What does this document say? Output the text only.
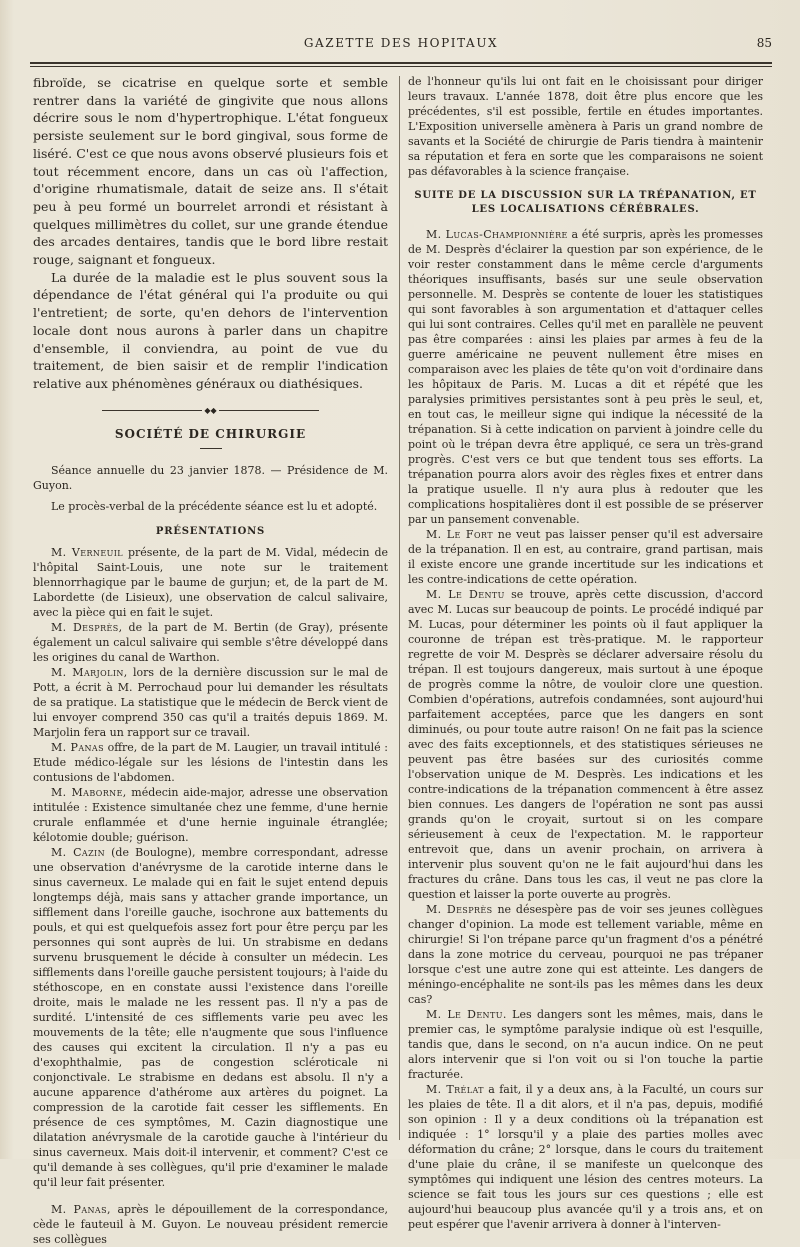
GAZETTE DES HOPITAUX	85

fibroïde, se cicatrise en quelque sorte et semble rentrer dans la variété de gingivite que nous allons décrire sous le nom d'hypertrophique. L'état fongueux persiste seulement sur le bord gingival, sous forme de liséré. C'est ce que nous avons observé plusieurs fois et tout récemment encore, dans un cas où l'affection, d'origine rhumatismale, datait de seize ans. Il s'était peu à peu formé un bourrelet arrondi et résistant à quelques millimètres du collet, sur une grande étendue des arcades dentaires, tandis que le bord libre restait rouge, saignant et fongueux.

La durée de la maladie est le plus souvent sous la dépendance de l'état général qui l'a produite ou qui l'entretient; de sorte, qu'en dehors de l'intervention locale dont nous aurons à parler dans un chapitre d'ensemble, il conviendra, au point de vue du traitement, de bien saisir et de remplir l'indication relative aux phénomènes généraux ou diathésiques.

◆◆
SOCIÉTÉ DE CHIRURGIE

Séance annuelle du 23 janvier 1878. — Présidence de M. Guyon.

Le procès-verbal de la précédente séance est lu et adopté.

PRÉSENTATIONS

M. Verneuil présente, de la part de M. Vidal, médecin de l'hôpital Saint-Louis, une note sur le traitement blennorrhagique par le baume de gurjun; et, de la part de M. Labordette (de Lisieux), une observation de calcul salivaire, avec la pièce qui en fait le sujet.

M. Desprès, de la part de M. Bertin (de Gray), présente également un calcul salivaire qui semble s'être développé dans les origines du canal de Warthon.

M. Marjolin, lors de la dernière discussion sur le mal de Pott, a écrit à M. Perrochaud pour lui demander les résultats de sa pratique. La statistique que le médecin de Berck vient de lui envoyer comprend 350 cas qu'il a traités depuis 1869. M. Marjolin fera un rapport sur ce travail.

M. Panas offre, de la part de M. Laugier, un travail intitulé : Etude médico-légale sur les lésions de l'intestin dans les contusions de l'abdomen.

M. Maborne, médecin aide-major, adresse une observation intitulée : Existence simultanée chez une femme, d'une hernie crurale enflammée et d'une hernie inguinale étranglée; kélotomie double; guérison.

M. Cazin (de Boulogne), membre correspondant, adresse une observation d'anévrysme de la carotide interne dans le sinus caverneux. Le malade qui en fait le sujet entend depuis longtemps déjà, mais sans y attacher grande importance, un sifflement dans l'oreille gauche, isochrone aux battements du pouls, et qui est quelquefois assez fort pour être perçu par les personnes qui sont auprès de lui. Un strabisme en dedans survenu brusquement le décide à consulter un médecin. Les sifflements dans l'oreille gauche persistent toujours; à l'aide du stéthoscope, en en constate aussi l'existence dans l'oreille droite, mais le malade ne les ressent pas. Il n'y a pas de surdité. L'intensité de ces sifflements varie peu avec les mouvements de la tête; elle n'augmente que sous l'influence des causes qui excitent la circulation. Il n'y a pas eu d'exophthalmie, pas de congestion scléroticale ni conjonctivale. Le strabisme en dedans est absolu. Il n'y a aucune apparence d'athérome aux artères du poignet. La compression de la carotide fait cesser les sifflements. En présence de ces symptômes, M. Cazin diagnostique une dilatation anévrysmale de la carotide gauche à l'intérieur du sinus caverneux. Mais doit-il intervenir, et comment? C'est ce qu'il demande à ses collègues, qu'il prie d'examiner le malade qu'il leur fait présenter.

M. Panas, après le dépouillement de la correspondance, cède le fauteuil à M. Guyon. Le nouveau président remercie ses collègues

de l'honneur qu'ils lui ont fait en le choisissant pour diriger leurs travaux. L'année 1878, doit être plus encore que les précédentes, s'il est possible, fertile en études importantes. L'Exposition universelle amènera à Paris un grand nombre de savants et la Société de chirurgie de Paris tiendra à maintenir sa réputation et fera en sorte que les comparaisons ne soient pas défavorables à la science française.

SUITE DE LA DISCUSSION SUR LA TRÉPANATION, ET LES LOCALISATIONS CÉRÉBRALES.

M. Lucas-Championnière a été surpris, après les promesses de M. Desprès d'éclairer la question par son expérience, de le voir rester constamment dans le même cercle d'arguments théoriques insuffisants, basés sur une seule observation personnelle. M. Desprès se contente de louer les statistiques qui sont favorables à son argumentation et d'attaquer celles qui lui sont contraires. Celles qu'il met en parallèle ne peuvent pas être comparées : ainsi les plaies par armes à feu de la guerre américaine ne peuvent nullement être mises en comparaison avec les plaies de tête qu'on voit d'ordinaire dans les hôpitaux de Paris. M. Lucas a dit et répété que les paralysies primitives persistantes sont à peu près le seul, et, en tout cas, le meilleur signe qui indique la nécessité de la trépanation. Si à cette indication on parvient à joindre celle du point où le trépan devra être appliqué, ce sera un très-grand progrès. C'est vers ce but que tendent tous ses efforts. La trépanation pourra alors avoir des règles fixes et entrer dans la pratique usuelle. Il n'y aura plus à redouter que les complications hospitalières dont il est possible de se préserver par un pansement convenable.

M. Le Fort ne veut pas laisser penser qu'il est adversaire de la trépanation. Il en est, au contraire, grand partisan, mais il existe encore une grande incertitude sur les indications et les contre-indications de cette opération.

M. Le Dentu se trouve, après cette discussion, d'accord avec M. Lucas sur beaucoup de points. Le procédé indiqué par M. Lucas, pour déterminer les points où il faut appliquer la couronne de trépan est très-pratique. M. le rapporteur regrette de voir M. Desprès se déclarer adversaire résolu du trépan. Il est toujours dangereux, mais surtout à une époque de progrès comme la nôtre, de vouloir clore une question. Combien d'opérations, autrefois condamnées, sont aujourd'hui parfaitement acceptées, parce que les dangers en sont diminués, ou pour toute autre raison! On ne fait pas la science avec des faits exceptionnels, et des statistiques sérieuses ne peuvent pas être basées sur des curiosités comme l'observation unique de M. Desprès. Les indications et les contre-indications de la trépanation commencent à être assez bien connues. Les dangers de l'opération ne sont pas aussi grands qu'on le croyait, surtout si on les compare sérieusement à ceux de l'expectation. M. le rapporteur entrevoit que, dans un avenir prochain, on arrivera à intervenir plus souvent qu'on ne le fait aujourd'hui dans les fractures du crâne. Dans tous les cas, il veut ne pas clore la question et laisser la porte ouverte au progrès.

M. Desprès ne désespère pas de voir ses jeunes collègues changer d'opinion. La mode est tellement variable, même en chirurgie! Si l'on trépane parce qu'un fragment d'os a pénétré dans la zone motrice du cerveau, pourquoi ne pas trépaner lorsque c'est une autre zone qui est atteinte. Les dangers de méningo-encéphalite ne sont-ils pas les mêmes dans les deux cas?

M. Le Dentu. Les dangers sont les mêmes, mais, dans le premier cas, le symptôme paralysie indique où est l'esquille, tandis que, dans le second, on n'a aucun indice. On ne peut alors intervenir que si l'on voit ou si l'on touche la partie fracturée.

M. Trélat a fait, il y a deux ans, à la Faculté, un cours sur les plaies de tête. Il a dit alors, et il n'a pas, depuis, modifié son opinion : Il y a deux conditions où la trépanation est indiquée : 1° lorsqu'il y a plaie des parties molles avec déformation du crâne; 2° lorsque, dans le cours du traitement d'une plaie du crâne, il se manifeste un quelconque des symptômes qui indiquent une lésion des centres moteurs. La science se fait tous les jours sur ces questions ; elle est aujourd'hui beaucoup plus avancée qu'il y a trois ans, et on peut espérer que l'avenir arrivera à donner à l'interven-
